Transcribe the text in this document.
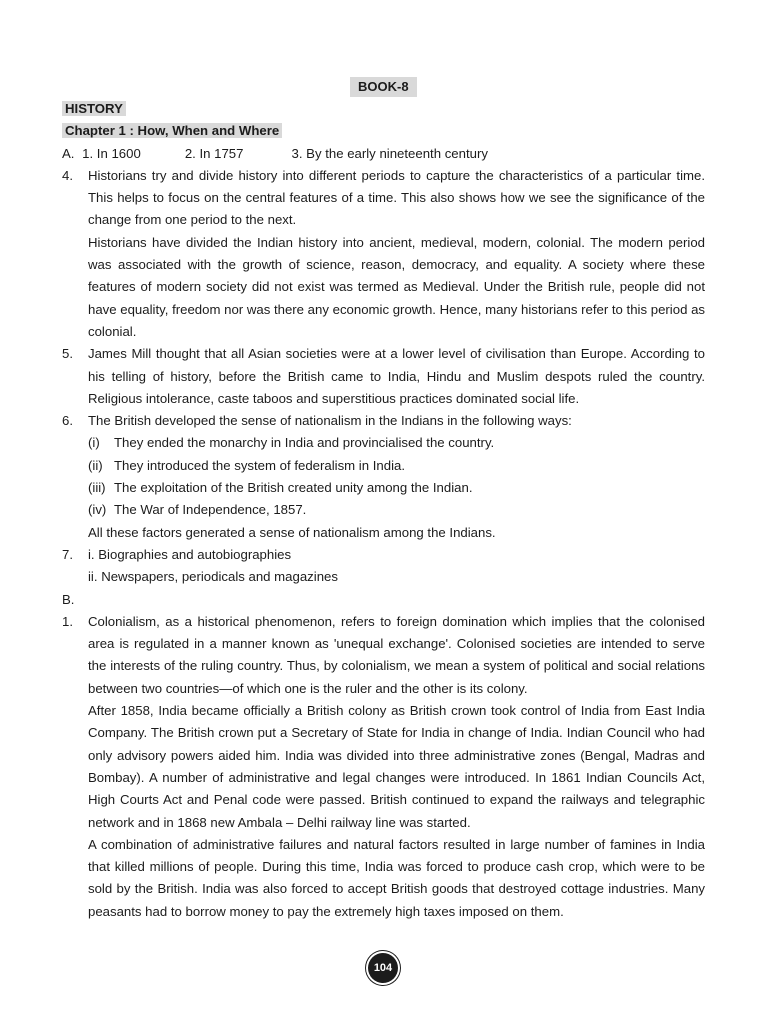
BOOK-8
HISTORY
Chapter 1 : How, When and Where
A. 1. In 1600	2. In 1757	3. By the early nineteenth century
4.	Historians try and divide history into different periods to capture the characteristics of a particular time. This helps to focus on the central features of a time. This also shows how we see the significance of the change from one period to the next.

Historians have divided the Indian history into ancient, medieval, modern, colonial. The modern period was associated with the growth of science, reason, democracy, and equality. A society where these features of modern society did not exist was termed as Medieval. Under the British rule, people did not have equality, freedom nor was there any economic growth. Hence, many historians refer to this period as colonial.

5.	James Mill thought that all Asian societies were at a lower level of civilisation than Europe. According to his telling of history, before the British came to India, Hindu and Muslim despots ruled the country. Religious intolerance, caste taboos and superstitious practices dominated social life.

6.	The British developed the sense of nationalism in the Indians in the following ways:

(i)	They ended the monarchy in India and provincialised the country.
(ii) They introduced the system of federalism in India.
(iii) The exploitation of the British created unity among the Indian.
(iv) The War of Independence, 1857.

All these factors generated a sense of nationalism among the Indians.

7.	i. Biographies and autobiographies

ii. Newspapers, periodicals and magazines

B.
1.	Colonialism, as a historical phenomenon, refers to foreign domination which implies that the colonised area is regulated in a manner known as 'unequal exchange'. Colonised societies are intended to serve the interests of the ruling country. Thus, by colonialism, we mean a system of political and social relations between two countries—of which one is the ruler and the other is its colony.

After 1858, India became officially a British colony as British crown took control of India from East India Company. The British crown put a Secretary of State for India in change of India. Indian Council who had only advisory powers aided him. India was divided into three administrative zones (Bengal, Madras and Bombay). A number of administrative and legal changes were introduced. In 1861 Indian Councils Act, High Courts Act and Penal code were passed. British continued to expand the railways and telegraphic network and in 1868 new Ambala – Delhi railway line was started.

A combination of administrative failures and natural factors resulted in large number of famines in India that killed millions of people. During this time, India was forced to produce cash crop, which were to be sold by the British. India was also forced to accept British goods that destroyed cottage industries. Many peasants had to borrow money to pay the extremely high taxes imposed on them.

104
